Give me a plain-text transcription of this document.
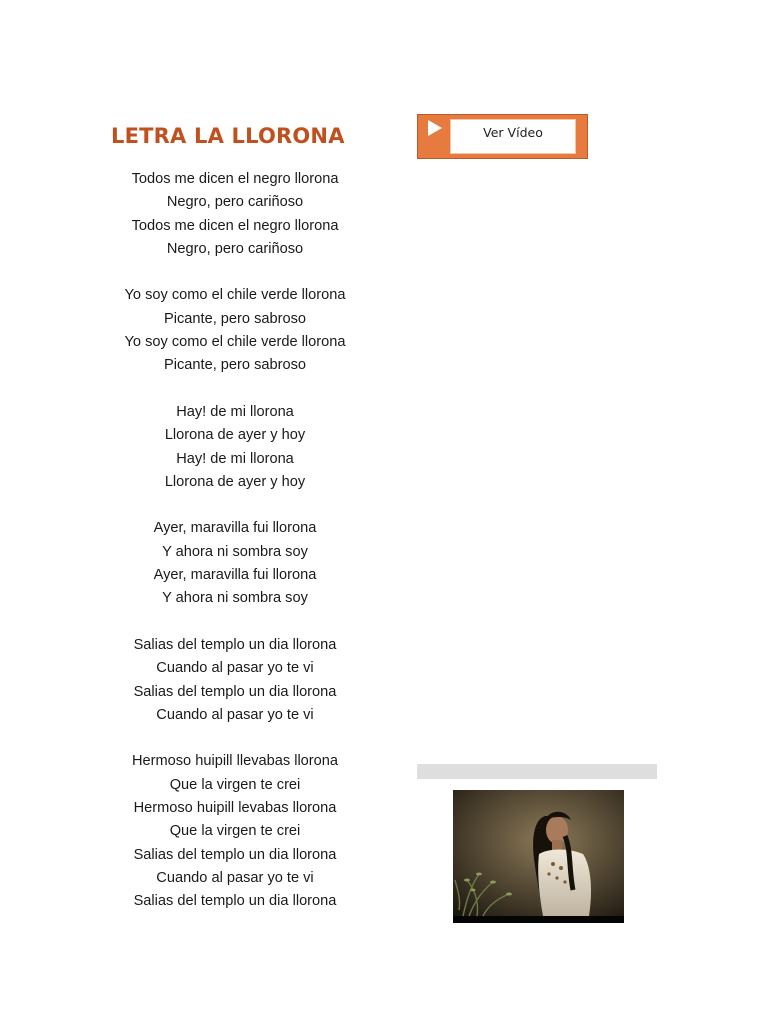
LETRA LA LLORONA
Todos me dicen el negro llorona
Negro, pero cariñoso
Todos me dicen el negro llorona
Negro, pero cariñoso
Yo soy como el chile verde llorona
Picante, pero sabroso
Yo soy como el chile verde llorona
Picante, pero sabroso
Hay! de mi llorona
Llorona de ayer y hoy
Hay! de mi llorona
Llorona de ayer y hoy
Ayer, maravilla fui llorona
Y ahora ni sombra soy
Ayer, maravilla fui llorona
Y ahora ni sombra soy
Salias del templo un dia llorona
Cuando al pasar yo te vi
Salias del templo un dia llorona
Cuando al pasar yo te vi
Hermoso huipill llevabas llorona
Que la virgen te crei
Hermoso huipill levabas llorona
Que la virgen te crei
Salias del templo un dia llorona
Cuando al pasar yo te vi
Salias del templo un dia llorona
Ver Vídeo
